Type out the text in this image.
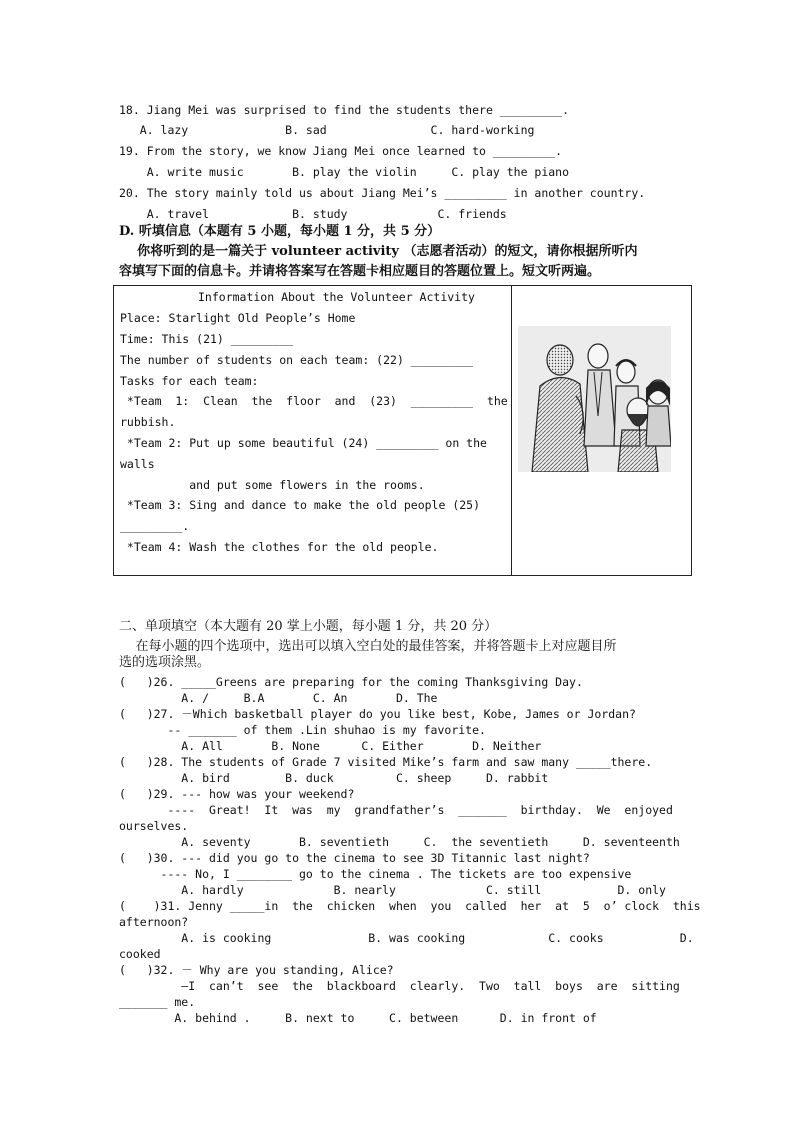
18. Jiang Mei was surprised to find the students there _________.
A. lazy              B. sad               C. hard-working
19. From the story, we know Jiang Mei once learned to _________.
A. write music       B. play the violin     C. play the piano
20. The story mainly told us about Jiang Mei’s _________ in another country.
A. travel            B. study             C. friends
D. 听填信息（本题有 5 小题，每小题 1 分，共 5 分）
你将听到的是一篇关于 volunteer activity （志愿者活动）的短文，请你根据所听内
容填写下面的信息卡。并请将答案写在答题卡相应题目的答题位置上。短文听两遍。
Information About the Volunteer Activity
Place: Starlight Old People’s Home
Time: This (21) _________
The number of students on each team: (22) _________
Tasks for each team:
*Team  1:  Clean  the  floor  and  (23)  _________  the
rubbish.
*Team 2: Put up some beautiful (24) _________ on the
walls
and put some flowers in the rooms.
*Team 3: Sing and dance to make the old people (25)
_________.
*Team 4: Wash the clothes for the old people.
二、单项填空（本大题有 20 掌上小题，每小题 1 分，共 20 分）
在每小题的四个选项中，选出可以填入空白处的最佳答案，并将答题卡上对应题目所
选的选项涂黑。
(   )26. _____Greens are preparing for the coming Thanksgiving Day.
A. /     B.A       C. An       D. The
(   )27. －Which basketball player do you like best, Kobe, James or Jordan?
-- _______ of them .Lin shuhao is my favorite.
A. All       B. None      C. Either       D. Neither
(   )28. The students of Grade 7 visited Mike’s farm and saw many _____there.
A. bird        B. duck         C. sheep     D. rabbit
(   )29. --- how was your weekend?
----  Great!  It  was  my  grandfather’s  _______  birthday.  We  enjoyed
ourselves.
A. seventy       B. seventieth     C.  the seventieth     D. seventeenth
(   )30. --- did you go to the cinema to see 3D Titannic last night?
---- No, I ________ go to the cinema . The tickets are too expensive
A. hardly             B. nearly             C. still           D. only
(    )31. Jenny _____in  the  chicken  when  you  called  her  at  5  o’ clock  this
afternoon?
A. is cooking              B. was cooking            C. cooks           D.
cooked
(   )32. － Why are you standing, Alice?
—I  can’t  see  the  blackboard  clearly.  Two  tall  boys  are  sitting
_______ me.
A. behind .     B. next to     C. between      D. in front of
